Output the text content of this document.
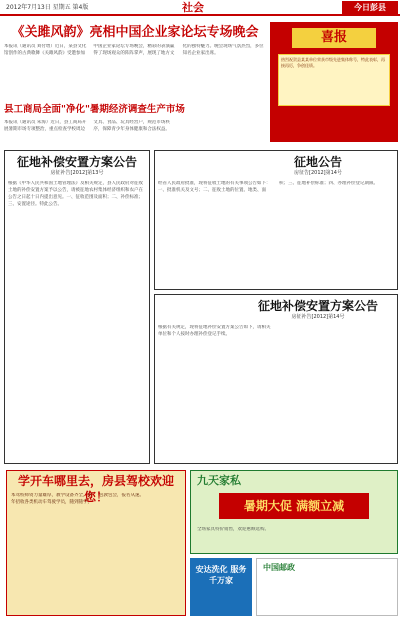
2012年7月13日 星期五 第4版	社会	今日彭县
《关雎风韵》亮相中国企业家论坛专场晚会
本报讯（通讯员 刘付增）近日，某县文化馆创作的古典歌舞《关雎风韵》受邀参加中国企业家论坛专场晚会，精彩的表演赢得了现场观众的阵阵掌声，展现了地方文化的独特魅力。晚会现场气氛热烈，多位知名企业家出席。
县工商局全面"净化"暑期经济调查生产市场
本报讯（通讯员 朱海）近日，县工商局开展暑期市场专项整治，重点检查学校周边文具、食品、玩具经营户，规范市场秩序，保障青少年身体健康和合法权益。
喜报
热烈祝贺县某某单位荣获市级先进集体称号，特此表彰，再接再厉，争创佳绩。
征地补偿安置方案公告
房征补告[2012]第13号
根据《中华人民共和国土地管理法》及相关规定，县人民政府对征收土地的补偿安置方案予以公告，请被征地农村集体经济组织和农户在公告之日起十日内提出意见。一、征收范围及面积；二、补偿标准；三、安置途径。特此公告。
征地公告
房征告[2012]第14号
经省人民政府批准，现将征收土地的有关事项公告如下：一、批准机关及文号；二、征收土地的位置、地类、面积；三、征地补偿标准；四、办理补偿登记期限。
征地补偿安置方案公告
房征补告[2012]第14号
根据有关规定，现将征地补偿安置方案公告如下，请相关单位和个人按时办理补偿登记手续。
学开车哪里去，房县驾校欢迎您！
本驾校师资力量雄厚，教学设备齐全，常年招收各类机动车驾驶学员，随到随学，包教包会，报名从速。
九天家私
暑期大促 满额立减
全场家具特价销售，欢迎惠顾选购。
安达洗化 服务千万家
中国邮政
